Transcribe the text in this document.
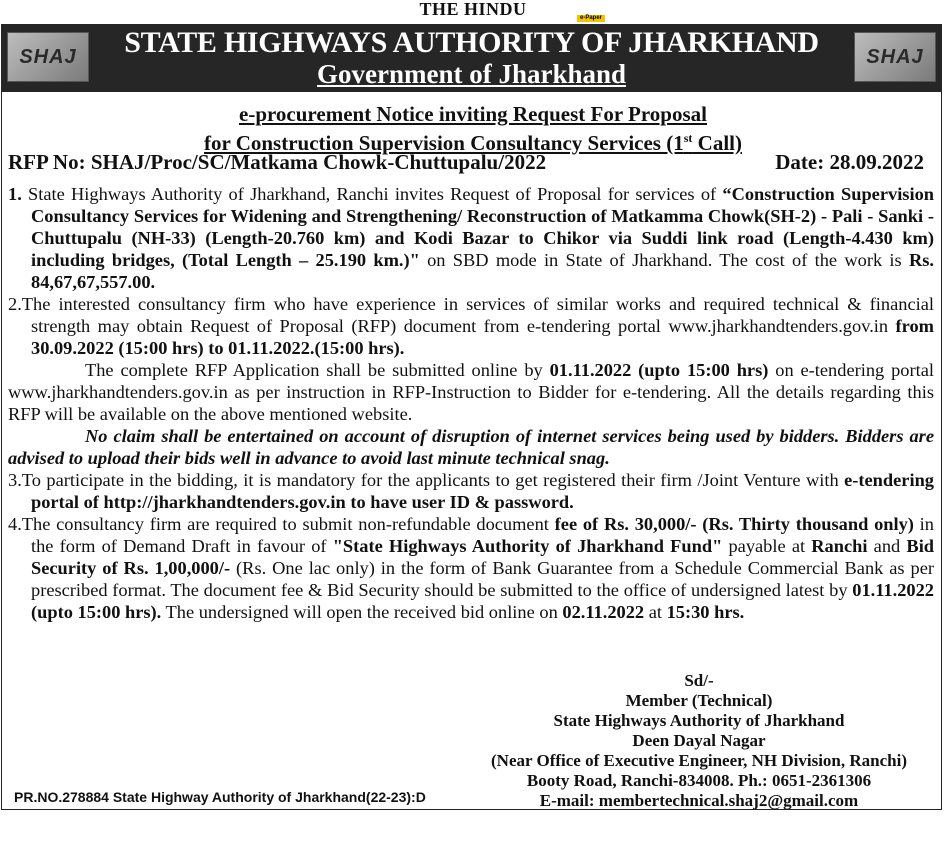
THE HINDU	e-Paper
SHAJ	STATE HIGHWAYS AUTHORITY OF JHARKHAND
Government of Jharkhand
SHAJ
e-procurement Notice inviting Request For Proposal
for Construction Supervision Consultancy Services (1st Call)
RFP No: SHAJ/Proc/SC/Matkama Chowk-Chuttupalu/2022	Date: 28.09.2022

1. State Highways Authority of Jharkhand, Ranchi invites Request of Proposal for services of “Construction Supervision Consultancy Services for Widening and Strengthening/ Reconstruction of Matkamma Chowk(SH-2) - Pali - Sanki - Chuttupalu (NH-33) (Length-20.760 km) and Kodi Bazar to Chikor via Suddi link road (Length-4.430 km) including bridges, (Total Length – 25.190 km.)" on SBD mode in State of Jharkhand. The cost of the work is Rs. 84,67,67,557.00.

2.The interested consultancy firm who have experience in services of similar works and required technical & financial strength may obtain Request of Proposal (RFP) document from e-tendering portal www.jharkhandtenders.gov.in from 30.09.2022 (15:00 hrs) to 01.11.2022.(15:00 hrs).

The complete RFP Application shall be submitted online by 01.11.2022 (upto 15:00 hrs) on e-tendering portal www.jharkhandtenders.gov.in as per instruction in RFP-Instruction to Bidder for e-tendering. All the details regarding this RFP will be available on the above mentioned website.

No claim shall be entertained on account of disruption of internet services being used by bidders. Bidders are advised to upload their bids well in advance to avoid last minute technical snag.

3.To participate in the bidding, it is mandatory for the applicants to get registered their firm /Joint Venture with e-tendering portal of http://jharkhandtenders.gov.in to have user ID & password.

4.The consultancy firm are required to submit non-refundable document fee of Rs. 30,000/- (Rs. Thirty thousand only) in the form of Demand Draft in favour of "State Highways Authority of Jharkhand Fund" payable at Ranchi and Bid Security of Rs. 1,00,000/- (Rs. One lac only) in the form of Bank Guarantee from a Schedule Commercial Bank as per prescribed format. The document fee & Bid Security should be submitted to the office of undersigned latest by 01.11.2022 (upto 15:00 hrs). The undersigned will open the received bid online on 02.11.2022 at 15:30 hrs.

Sd/-
Member (Technical)
State Highways Authority of Jharkhand
Deen Dayal Nagar
(Near Office of Executive Engineer, NH Division, Ranchi)
Booty Road, Ranchi-834008. Ph.: 0651-2361306
E-mail: membertechnical.shaj2@gmail.com
PR.NO.278884 State Highway Authority of Jharkhand(22-23):D
